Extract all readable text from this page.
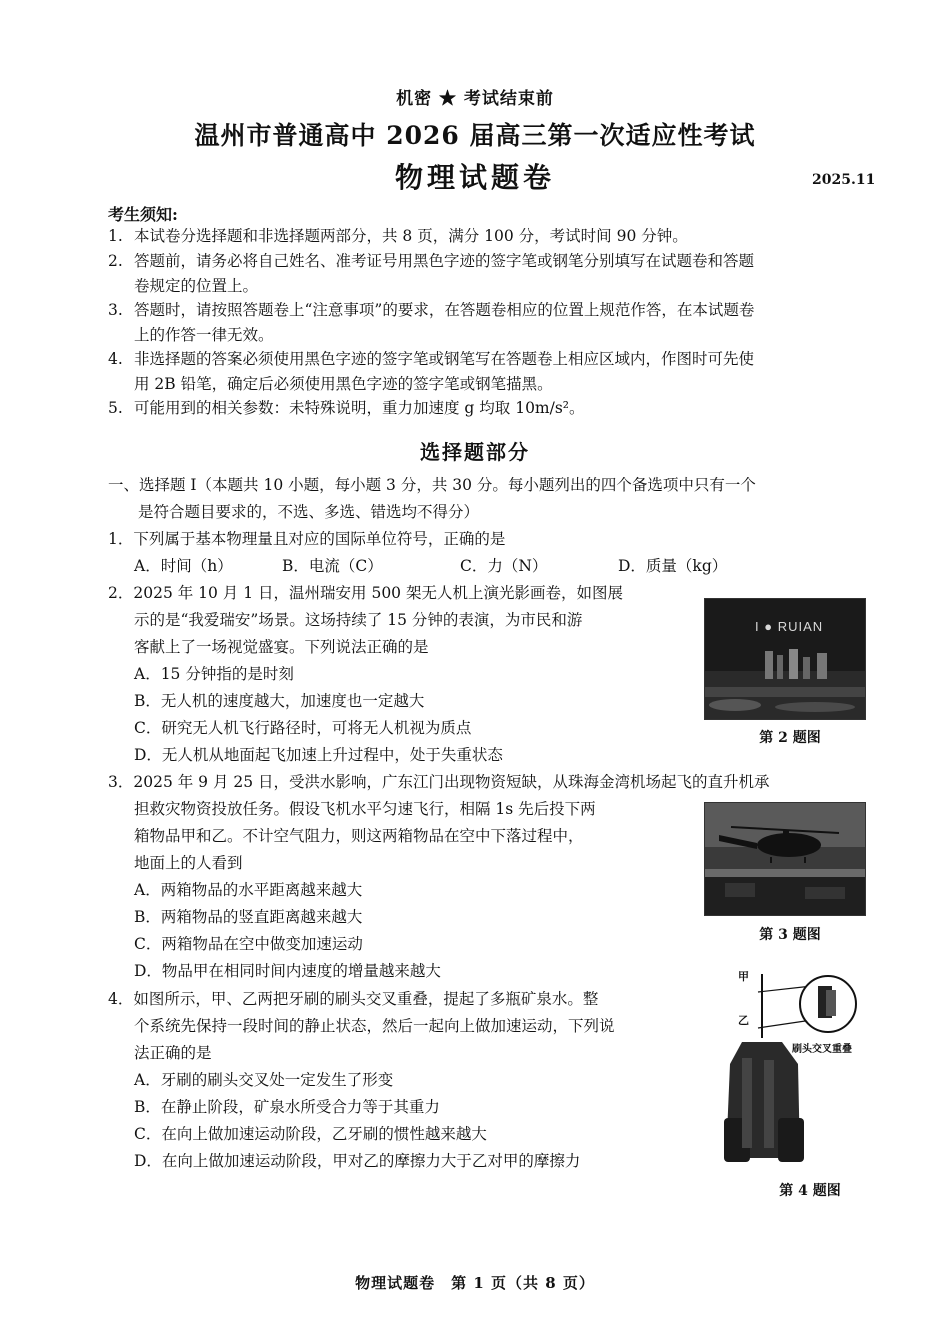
机密 ★ 考试结束前
温州市普通高中 2026 届高三第一次适应性考试
物理试题卷	2025.11
考生须知:
1. 本试卷分选择题和非选择题两部分，共 8 页，满分 100 分，考试时间 90 分钟。
2. 答题前，请务必将自己姓名、准考证号用黑色字迹的签字笔或钢笔分别填写在试题卷和答题
卷规定的位置上。
3. 答题时，请按照答题卷上“注意事项”的要求，在答题卷相应的位置上规范作答，在本试题卷
上的作答一律无效。
4. 非选择题的答案必须使用黑色字迹的签字笔或钢笔写在答题卷上相应区域内，作图时可先使
用 2B 铅笔，确定后必须使用黑色字迹的签字笔或钢笔描黑。
5. 可能用到的相关参数：未特殊说明，重力加速度 g 均取 10m/s²。
选择题部分
一、选择题 I（本题共 10 小题，每小题 3 分，共 30 分。每小题列出的四个备选项中只有一个
是符合题目要求的，不选、多选、错选均不得分）
1．下列属于基本物理量且对应的国际单位符号，正确的是
A．时间（h）	B．电流（C）	C．力（N）	D．质量（kg）
2．2025 年 10 月 1 日，温州瑞安用 500 架无人机上演光影画卷，如图展
示的是“我爱瑞安”场景。这场持续了 15 分钟的表演，为市民和游
客献上了一场视觉盛宴。下列说法正确的是
A．15 分钟指的是时刻
B．无人机的速度越大，加速度也一定越大
C．研究无人机飞行路径时，可将无人机视为质点
D．无人机从地面起飞加速上升过程中，处于失重状态
I ● RUIAN
第 2 题图
3．2025 年 9 月 25 日，受洪水影响，广东江门出现物资短缺，从珠海金湾机场起飞的直升机承
担救灾物资投放任务。假设飞机水平匀速飞行，相隔 1s 先后投下两
箱物品甲和乙。不计空气阻力，则这两箱物品在空中下落过程中，
地面上的人看到
A．两箱物品的水平距离越来越大
B．两箱物品的竖直距离越来越大
C．两箱物品在空中做变加速运动
D．物品甲在相同时间内速度的增量越来越大
第 3 题图
4．如图所示，甲、乙两把牙刷的刷头交叉重叠，提起了多瓶矿泉水。整
个系统先保持一段时间的静止状态，然后一起向上做加速运动，下列说
法正确的是
A．牙刷的刷头交叉处一定发生了形变
B．在静止阶段，矿泉水所受合力等于其重力
C．在向上做加速运动阶段，乙牙刷的惯性越来越大
D．在向上做加速运动阶段，甲对乙的摩擦力大于乙对甲的摩擦力
甲
乙
刷头交叉重叠
第 4 题图
物理试题卷　第 1 页（共 8 页）
